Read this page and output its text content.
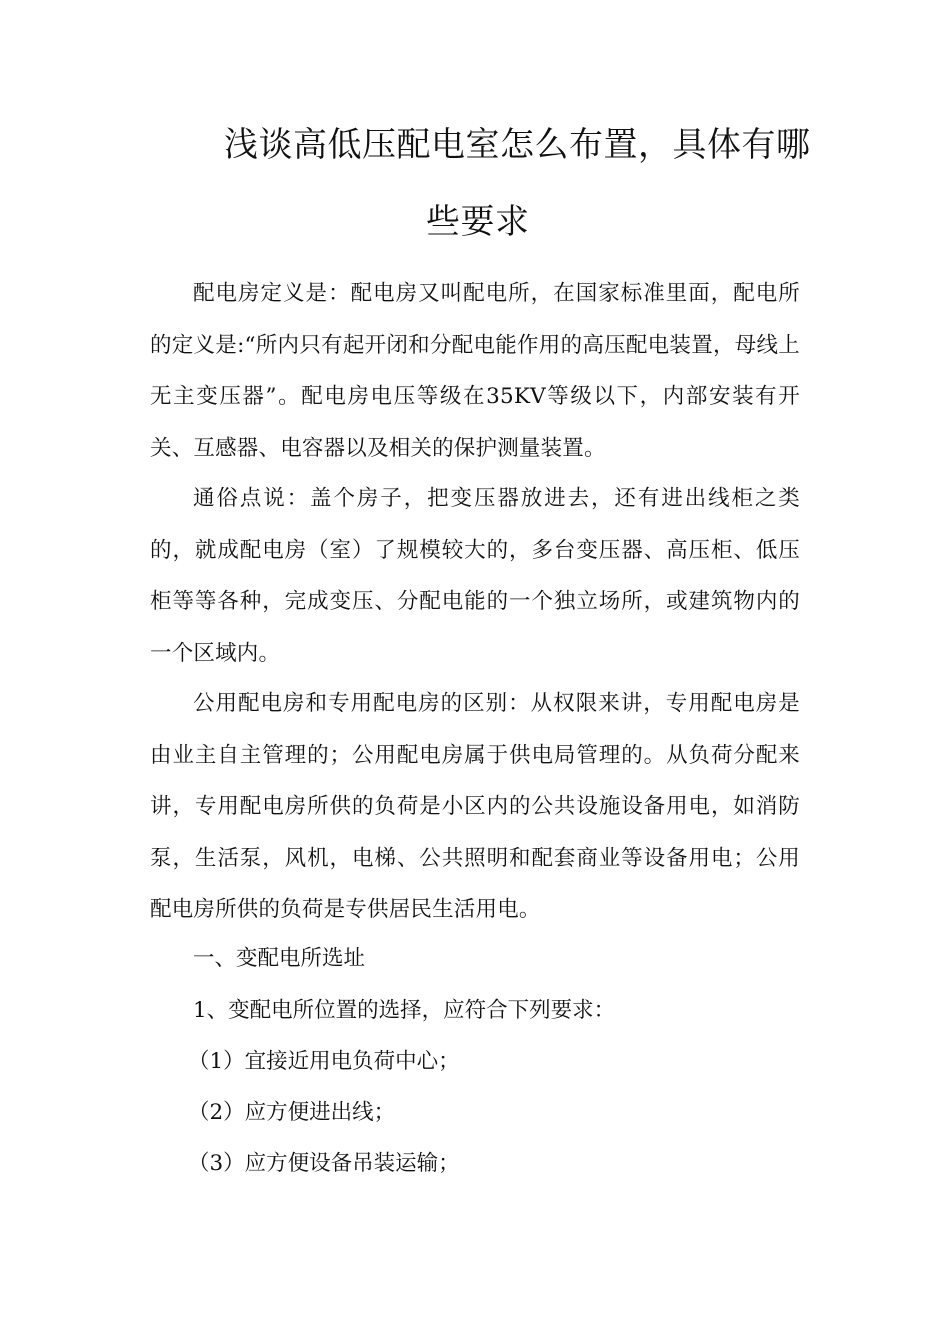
浅谈高低压配电室怎么布置，具体有哪
些要求

配电房定义是：配电房又叫配电所，在国家标准里面，配电所的定义是:“所内只有起开闭和分配电能作用的高压配电装置，母线上无主变压器”。配电房电压等级在35KV等级以下，内部安装有开关、互感器、电容器以及相关的保护测量装置。

通俗点说：盖个房子，把变压器放进去，还有进出线柜之类的，就成配电房（室）了规模较大的，多台变压器、高压柜、低压柜等等各种，完成变压、分配电能的一个独立场所，或建筑物内的一个区域内。

公用配电房和专用配电房的区别：从权限来讲，专用配电房是由业主自主管理的；公用配电房属于供电局管理的。从负荷分配来讲，专用配电房所供的负荷是小区内的公共设施设备用电，如消防泵，生活泵，风机，电梯、公共照明和配套商业等设备用电；公用配电房所供的负荷是专供居民生活用电。

一、变配电所选址
1、变配电所位置的选择，应符合下列要求：
（1）宜接近用电负荷中心；
（2）应方便进出线；
（3）应方便设备吊装运输；
